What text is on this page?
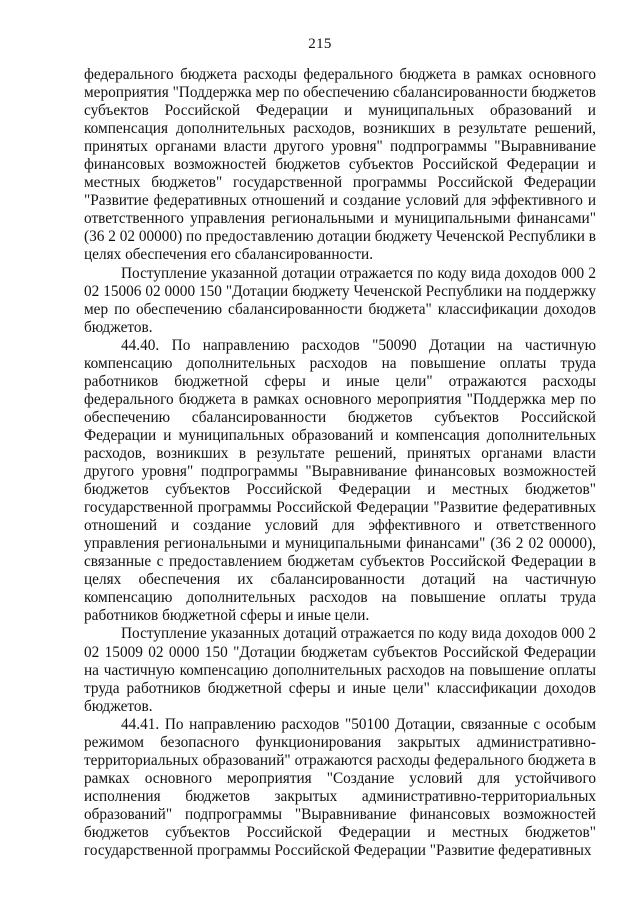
215

федерального бюджета расходы федерального бюджета в рамках основного мероприятия "Поддержка мер по обеспечению сбалансированности бюджетов субъектов Российской Федерации и муниципальных образований и компенсация дополнительных расходов, возникших в результате решений, принятых органами власти другого уровня" подпрограммы "Выравнивание финансовых возможностей бюджетов субъектов Российской Федерации и местных бюджетов" государственной программы Российской Федерации "Развитие федеративных отношений и создание условий для эффективного и ответственного управления региональными и муниципальными финансами" (36 2 02 00000) по предоставлению дотации бюджету Чеченской Республики в целях обеспечения его сбалансированности.

Поступление указанной дотации отражается по коду вида доходов 000 2 02 15006 02 0000 150 "Дотации бюджету Чеченской Республики на поддержку мер по обеспечению сбалансированности бюджета" классификации доходов бюджетов.

44.40. По направлению расходов "50090 Дотации на частичную компенсацию дополнительных расходов на повышение оплаты труда работников бюджетной сферы и иные цели" отражаются расходы федерального бюджета в рамках основного мероприятия "Поддержка мер по обеспечению сбалансированности бюджетов субъектов Российской Федерации и муниципальных образований и компенсация дополнительных расходов, возникших в результате решений, принятых органами власти другого уровня" подпрограммы "Выравнивание финансовых возможностей бюджетов субъектов Российской Федерации и местных бюджетов" государственной программы Российской Федерации "Развитие федеративных отношений и создание условий для эффективного и ответственного управления региональными и муниципальными финансами" (36 2 02 00000), связанные с предоставлением бюджетам субъектов Российской Федерации в целях обеспечения их сбалансированности дотаций на частичную компенсацию дополнительных расходов на повышение оплаты труда работников бюджетной сферы и иные цели.

Поступление указанных дотаций отражается по коду вида доходов 000 2 02 15009 02 0000 150 "Дотации бюджетам субъектов Российской Федерации на частичную компенсацию дополнительных расходов на повышение оплаты труда работников бюджетной сферы и иные цели" классификации доходов бюджетов.

44.41. По направлению расходов "50100 Дотации, связанные с особым режимом безопасного функционирования закрытых административно-территориальных образований" отражаются расходы федерального бюджета в рамках основного мероприятия "Создание условий для устойчивого исполнения бюджетов закрытых административно-территориальных образований" подпрограммы "Выравнивание финансовых возможностей бюджетов субъектов Российской Федерации и местных бюджетов" государственной программы Российской Федерации "Развитие федеративных
